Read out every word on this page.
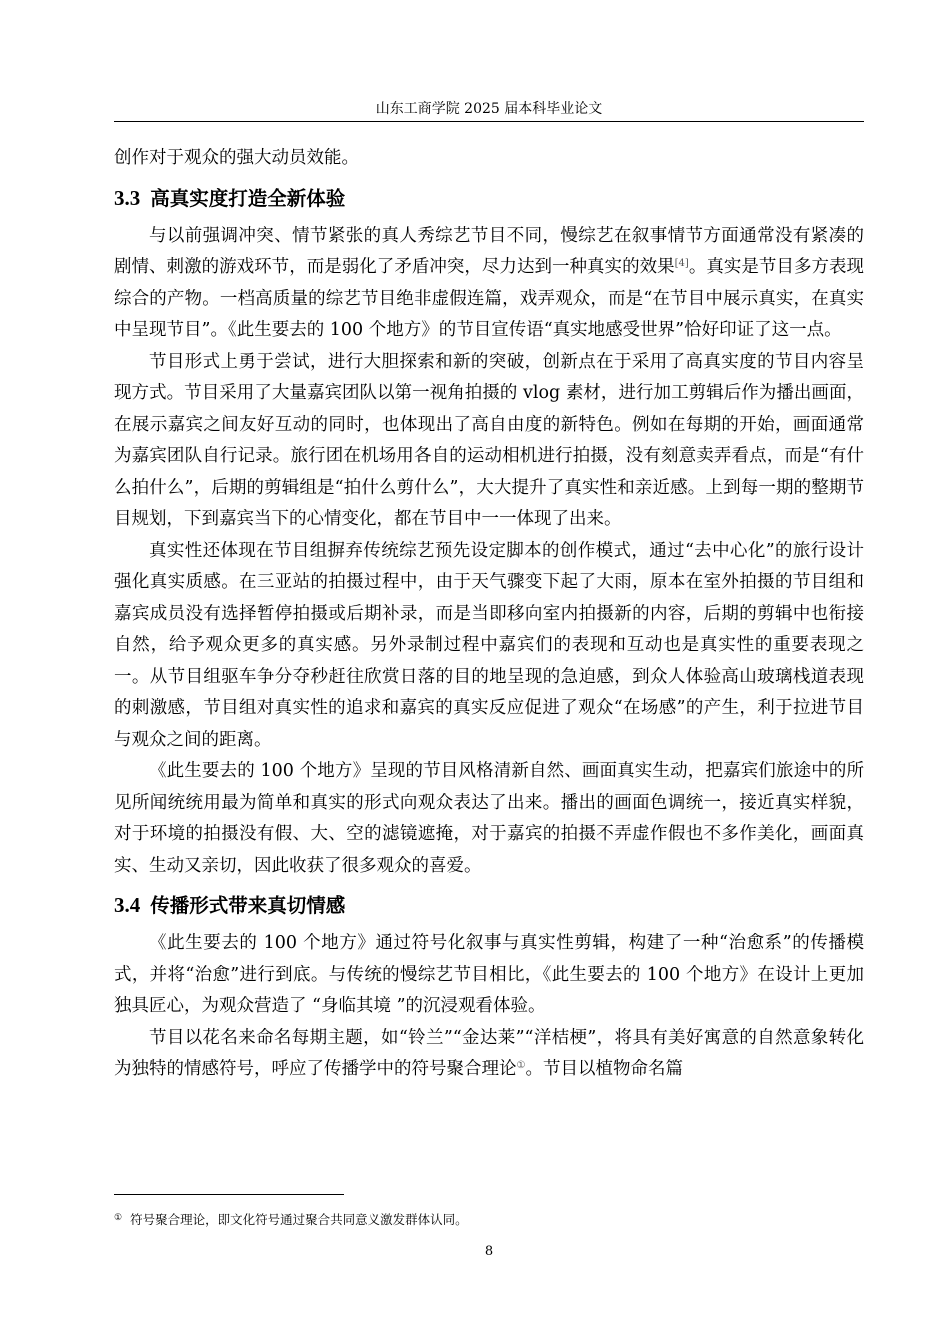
山东工商学院 2025 届本科毕业论文

创作对于观众的强大动员效能。

3.3 高真实度打造全新体验

与以前强调冲突、情节紧张的真人秀综艺节目不同，慢综艺在叙事情节方面通常没有紧凑的剧情、刺激的游戏环节，而是弱化了矛盾冲突，尽力达到一种真实的效果[4]。真实是节目多方表现综合的产物。一档高质量的综艺节目绝非虚假连篇，戏弄观众，而是“在节目中展示真实，在真实中呈现节目”。《此生要去的 100 个地方》的节目宣传语“真实地感受世界”恰好印证了这一点。

节目形式上勇于尝试，进行大胆探索和新的突破，创新点在于采用了高真实度的节目内容呈现方式。节目采用了大量嘉宾团队以第一视角拍摄的 vlog 素材，进行加工剪辑后作为播出画面，在展示嘉宾之间友好互动的同时，也体现出了高自由度的新特色。例如在每期的开始，画面通常为嘉宾团队自行记录。旅行团在机场用各自的运动相机进行拍摄，没有刻意卖弄看点，而是“有什么拍什么”，后期的剪辑组是“拍什么剪什么”，大大提升了真实性和亲近感。上到每一期的整期节目规划，下到嘉宾当下的心情变化，都在节目中一一体现了出来。

真实性还体现在节目组摒弃传统综艺预先设定脚本的创作模式，通过“去中心化”的旅行设计强化真实质感。在三亚站的拍摄过程中，由于天气骤变下起了大雨，原本在室外拍摄的节目组和嘉宾成员没有选择暂停拍摄或后期补录，而是当即移向室内拍摄新的内容，后期的剪辑中也衔接自然，给予观众更多的真实感。另外录制过程中嘉宾们的表现和互动也是真实性的重要表现之一。从节目组驱车争分夺秒赶往欣赏日落的目的地呈现的急迫感，到众人体验高山玻璃栈道表现的刺激感，节目组对真实性的追求和嘉宾的真实反应促进了观众“在场感”的产生，利于拉进节目与观众之间的距离。

《此生要去的 100 个地方》呈现的节目风格清新自然、画面真实生动，把嘉宾们旅途中的所见所闻统统用最为简单和真实的形式向观众表达了出来。播出的画面色调统一，接近真实样貌，对于环境的拍摄没有假、大、空的滤镜遮掩，对于嘉宾的拍摄不弄虚作假也不多作美化，画面真实、生动又亲切，因此收获了很多观众的喜爱。

3.4 传播形式带来真切情感

《此生要去的 100 个地方》通过符号化叙事与真实性剪辑，构建了一种“治愈系”的传播模式，并将“治愈”进行到底。与传统的慢综艺节目相比，《此生要去的 100 个地方》在设计上更加独具匠心，为观众营造了 “身临其境 ”的沉浸观看体验。

节目以花名来命名每期主题，如“铃兰”“金达莱”“洋桔梗”，将具有美好寓意的自然意象转化为独特的情感符号，呼应了传播学中的符号聚合理论①。节目以植物命名篇

① 符号聚合理论，即文化符号通过聚合共同意义激发群体认同。
8
